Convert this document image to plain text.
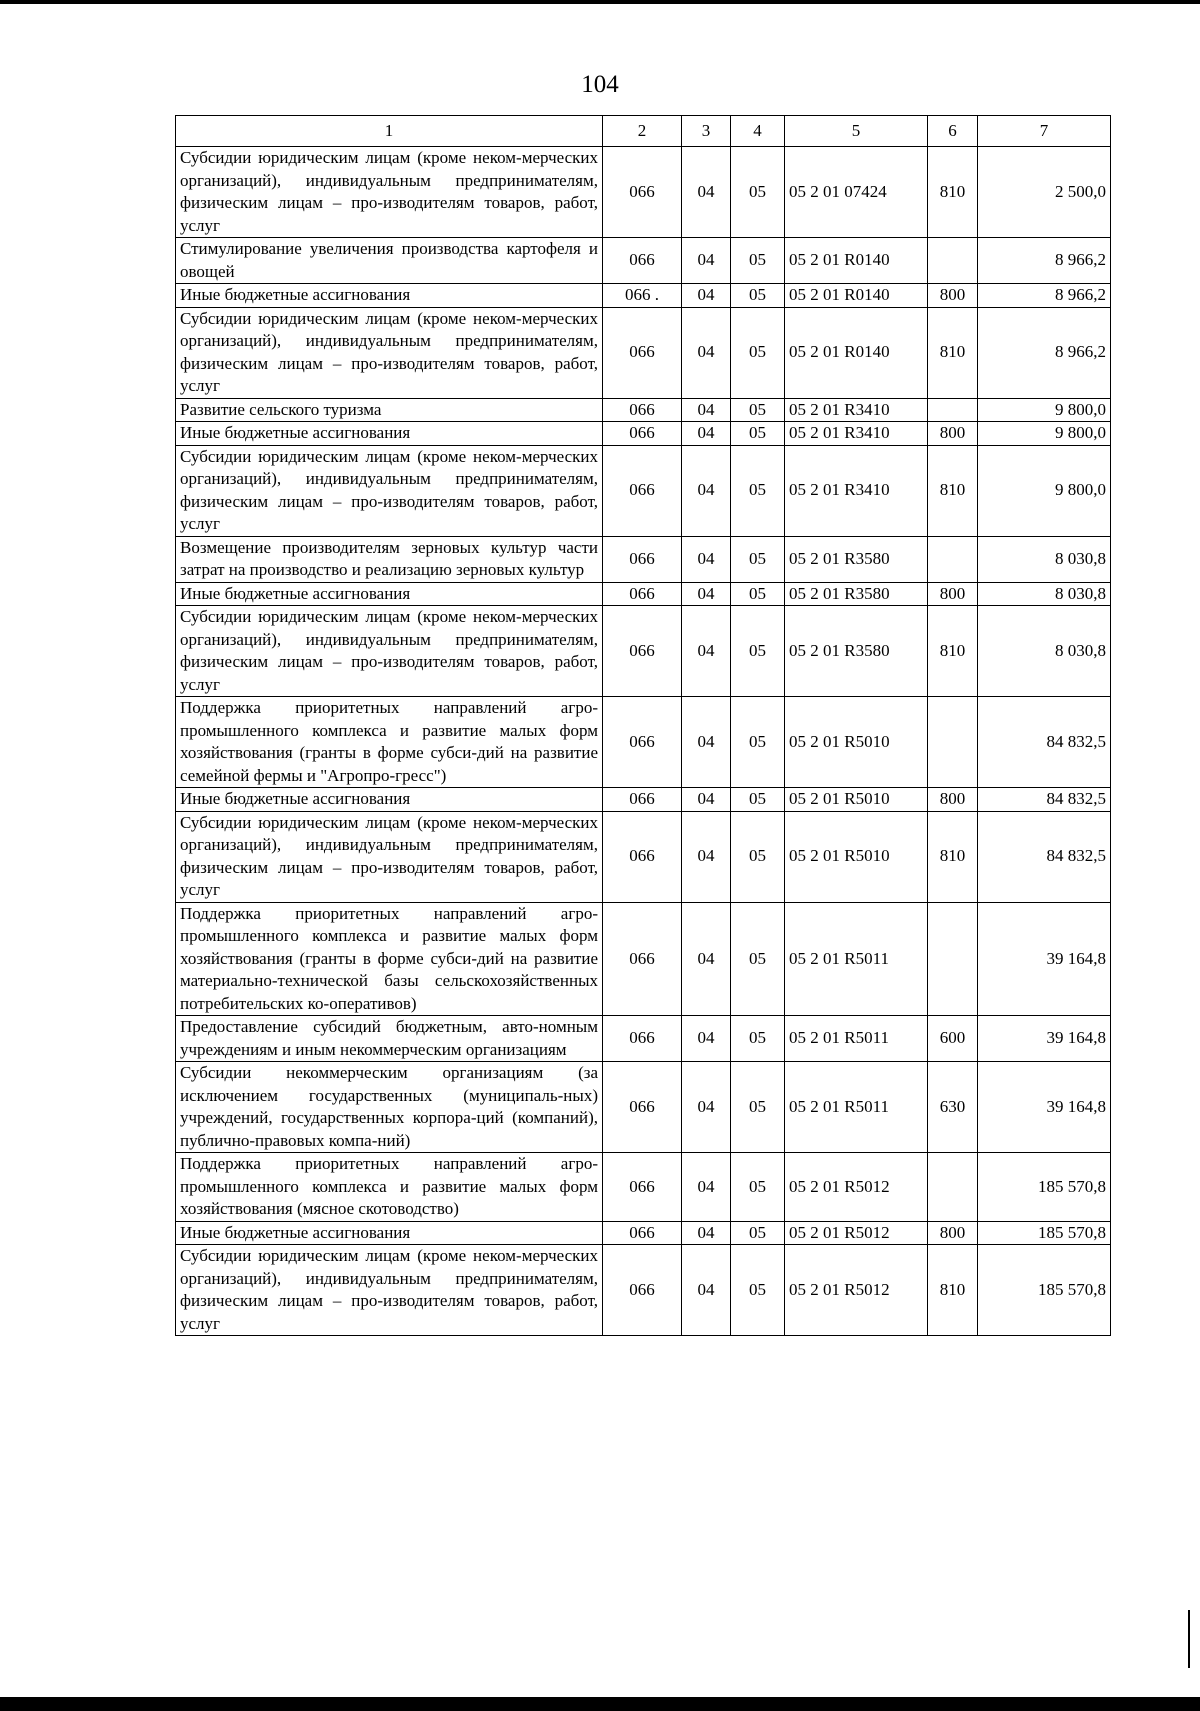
104
1	2	3	4	5	6	7
Субсидии юридическим лицам (кроме неком-мерческих организаций), индивидуальным предпринимателям, физическим лицам – про-изводителям товаров, работ, услуг	066	04	05	05 2 01 07424	810	2 500,0
Стимулирование увеличения производства картофеля и овощей	066	04	05	05 2 01 R0140		8 966,2
Иные бюджетные ассигнования	066 .	04	05	05 2 01 R0140	800	8 966,2
Субсидии юридическим лицам (кроме неком-мерческих организаций), индивидуальным предпринимателям, физическим лицам – про-изводителям товаров, работ, услуг	066	04	05	05 2 01 R0140	810	8 966,2
Развитие сельского туризма	066	04	05	05 2 01 R3410		9 800,0
Иные бюджетные ассигнования	066	04	05	05 2 01 R3410	800	9 800,0
Субсидии юридическим лицам (кроме неком-мерческих организаций), индивидуальным предпринимателям, физическим лицам – про-изводителям товаров, работ, услуг	066	04	05	05 2 01 R3410	810	9 800,0
Возмещение производителям зерновых культур части затрат на производство и реализацию зерновых культур	066	04	05	05 2 01 R3580		8 030,8
Иные бюджетные ассигнования	066	04	05	05 2 01 R3580	800	8 030,8
Субсидии юридическим лицам (кроме неком-мерческих организаций), индивидуальным предпринимателям, физическим лицам – про-изводителям товаров, работ, услуг	066	04	05	05 2 01 R3580	810	8 030,8
Поддержка приоритетных направлений агро-промышленного комплекса и развитие малых форм хозяйствования (гранты в форме субси-дий на развитие семейной фермы и "Агропро-гресс")	066	04	05	05 2 01 R5010		84 832,5
Иные бюджетные ассигнования	066	04	05	05 2 01 R5010	800	84 832,5
Субсидии юридическим лицам (кроме неком-мерческих организаций), индивидуальным предпринимателям, физическим лицам – про-изводителям товаров, работ, услуг	066	04	05	05 2 01 R5010	810	84 832,5
Поддержка приоритетных направлений агро-промышленного комплекса и развитие малых форм хозяйствования (гранты в форме субси-дий на развитие материально-технической базы сельскохозяйственных потребительских ко-оперативов)	066	04	05	05 2 01 R5011		39 164,8
Предоставление субсидий бюджетным, авто-номным учреждениям и иным некоммерческим организациям	066	04	05	05 2 01 R5011	600	39 164,8
Субсидии некоммерческим организациям (за исключением государственных (муниципаль-ных) учреждений, государственных корпора-ций (компаний), публично-правовых компа-ний)	066	04	05	05 2 01 R5011	630	39 164,8
Поддержка приоритетных направлений агро-промышленного комплекса и развитие малых форм хозяйствования (мясное скотоводство)	066	04	05	05 2 01 R5012		185 570,8
Иные бюджетные ассигнования	066	04	05	05 2 01 R5012	800	185 570,8
Субсидии юридическим лицам (кроме неком-мерческих организаций), индивидуальным предпринимателям, физическим лицам – про-изводителям товаров, работ, услуг	066	04	05	05 2 01 R5012	810	185 570,8
